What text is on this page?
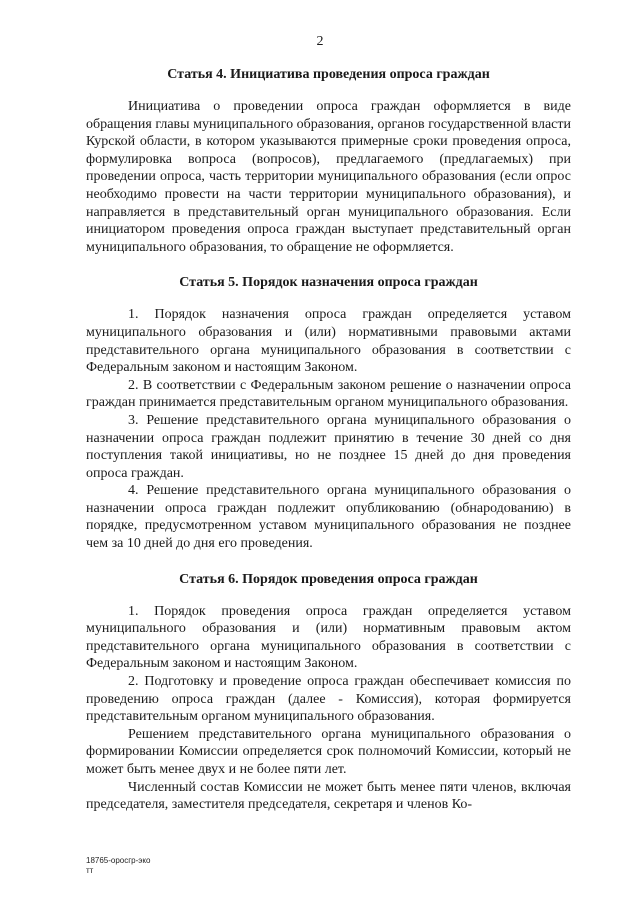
2
Статья 4. Инициатива проведения опроса граждан

Инициатива о проведении опроса граждан оформляется в виде обращения главы муниципального образования, органов государственной власти Курской области, в котором указываются примерные сроки проведения опроса, формулировка вопроса (вопросов), предлагаемого (предлагаемых) при проведении опроса, часть территории муниципального образования (если опрос необходимо провести на части территории муниципального образования), и направляется в представительный орган муниципального образования. Если инициатором проведения опроса граждан выступает представительный орган муниципального образования, то обращение не оформляется.

Статья 5. Порядок назначения опроса граждан

1. Порядок назначения опроса граждан определяется уставом муниципального образования и (или) нормативными правовыми актами представительного органа муниципального образования в соответствии с Федеральным законом и настоящим Законом.

2. В соответствии с Федеральным законом решение о назначении опроса граждан принимается представительным органом муниципального образования.

3. Решение представительного органа муниципального образования о назначении опроса граждан подлежит принятию в течение 30 дней со дня поступления такой инициативы, но не позднее 15 дней до дня проведения опроса граждан.

4. Решение представительного органа муниципального образования о назначении опроса граждан подлежит опубликованию (обнародованию) в порядке, предусмотренном уставом муниципального образования не позднее чем за 10 дней до дня его проведения.

Статья 6. Порядок проведения опроса граждан

1. Порядок проведения опроса граждан определяется уставом муниципального образования и (или) нормативным правовым актом представительного органа муниципального образования в соответствии с Федеральным законом и настоящим Законом.

2. Подготовку и проведение опроса граждан обеспечивает комиссия по проведению опроса граждан (далее - Комиссия), которая формируется представительным органом муниципального образования.

Решением представительного органа муниципального образования о формировании Комиссии определяется срок полномочий Комиссии, который не может быть менее двух и не более пяти лет.

Численный состав Комиссии не может быть менее пяти членов, включая председателя, заместителя председателя, секретаря и членов Ко-

18765-оросгр-эко
тт
